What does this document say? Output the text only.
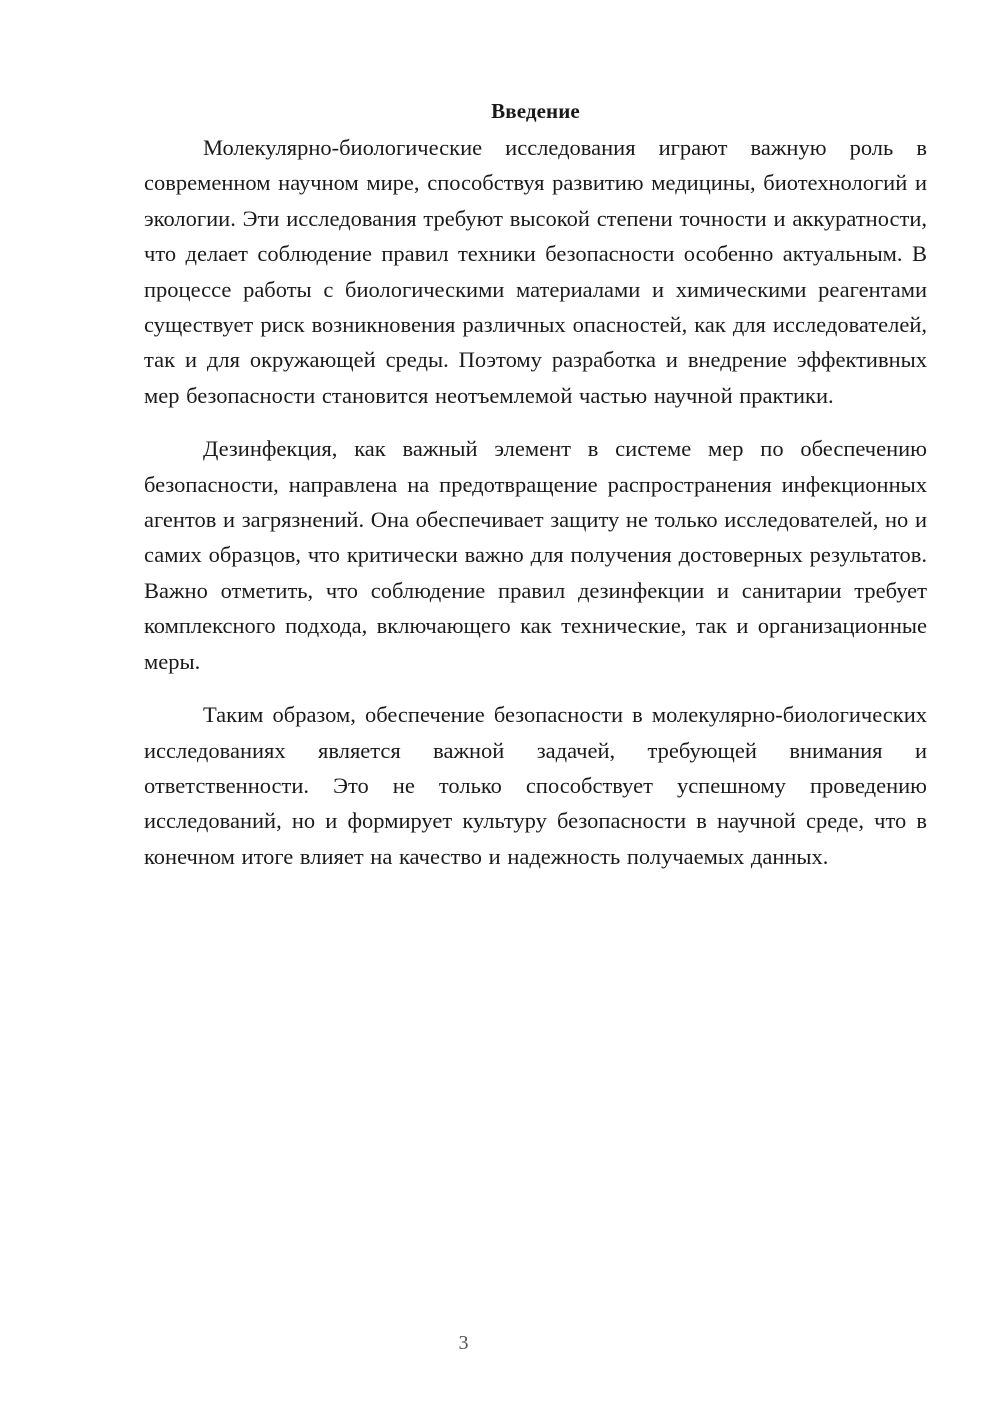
Введение

Молекулярно-биологические исследования играют важную роль в современном научном мире, способствуя развитию медицины, биотехнологий и экологии. Эти исследования требуют высокой степени точности и аккуратности, что делает соблюдение правил техники безопасности особенно актуальным. В процессе работы с биологическими материалами и химическими реагентами существует риск возникновения различных опасностей, как для исследователей, так и для окружающей среды. Поэтому разработка и внедрение эффективных мер безопасности становится неотъемлемой частью научной практики.

Дезинфекция, как важный элемент в системе мер по обеспечению безопасности, направлена на предотвращение распространения инфекционных агентов и загрязнений. Она обеспечивает защиту не только исследователей, но и самих образцов, что критически важно для получения достоверных результатов. Важно отметить, что соблюдение правил дезинфекции и санитарии требует комплексного подхода, включающего как технические, так и организационные меры.

Таким образом, обеспечение безопасности в молекулярно-биологических исследованиях является важной задачей, требующей внимания и ответственности. Это не только способствует успешному проведению исследований, но и формирует культуру безопасности в научной среде, что в конечном итоге влияет на качество и надежность получаемых данных.

3
